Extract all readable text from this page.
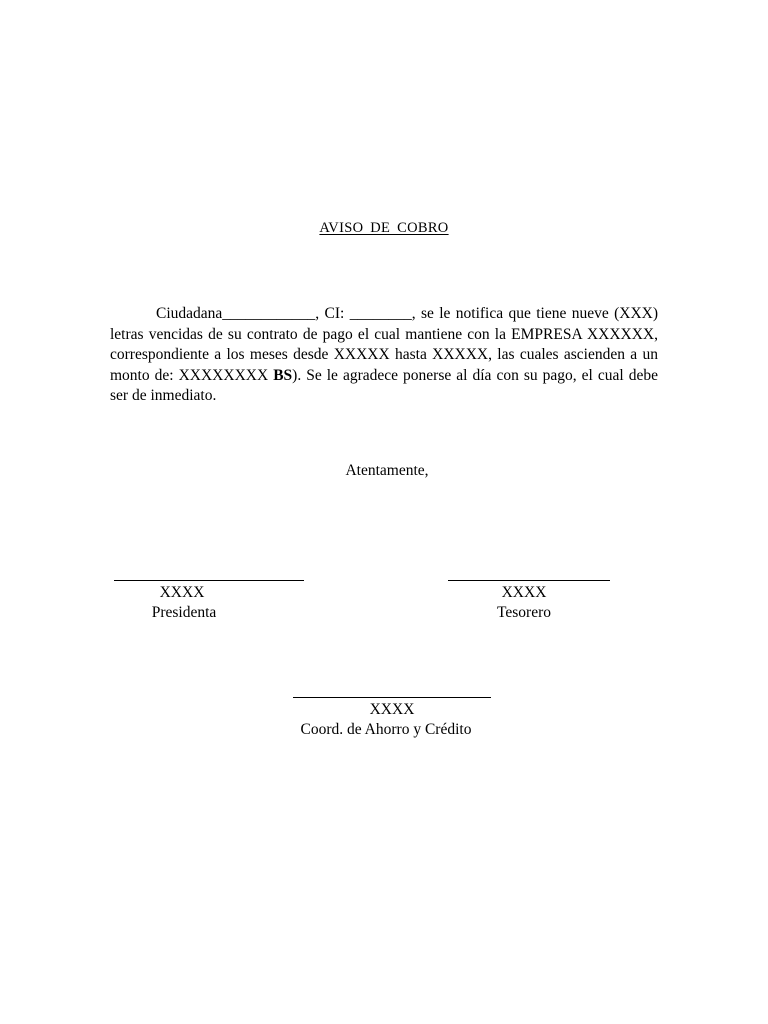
AVISO DE COBRO

Ciudadana____________, CI: ________, se le notifica que tiene nueve (XXX) letras vencidas de su contrato de pago el cual mantiene con la EMPRESA XXXXXX, correspondiente a los meses desde XXXXX hasta XXXXX, las cuales ascienden a un monto de: XXXXXXXX BS). Se le agradece ponerse al día con su pago, el cual debe ser de inmediato.

Atentamente,
XXXX
Presidenta
XXXX
Tesorero
XXXX
Coord. de Ahorro y Crédito
